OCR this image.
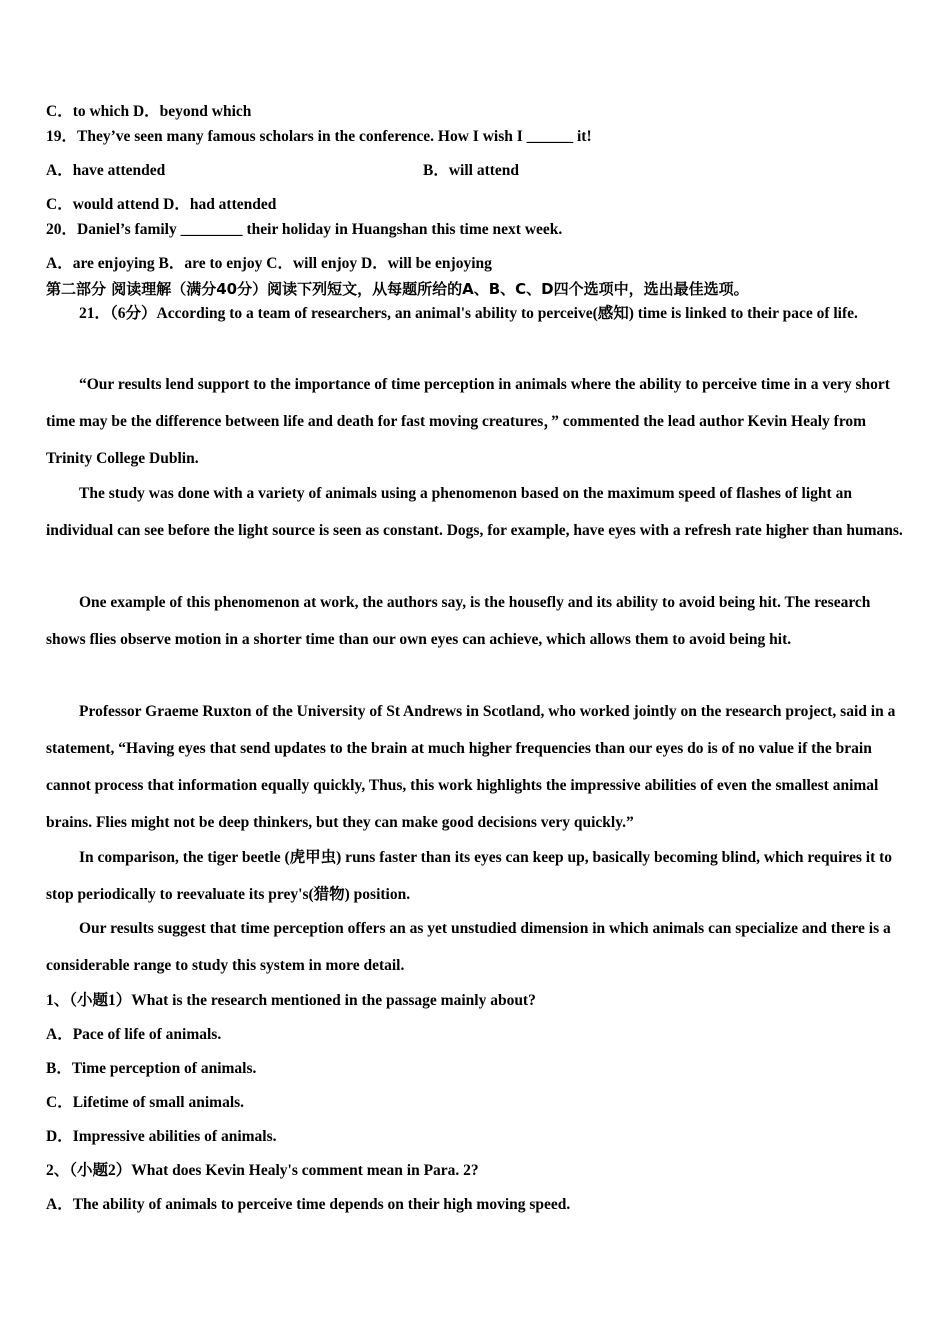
C．to which D．beyond which
19．They’ve seen many famous scholars in the conference. How I wish I ______ it!
A．have attended	B．will attend
C．would attend D．had attended
20．Daniel’s family ________ their holiday in Huangshan this time next week.
A．are enjoying B．are to enjoy C．will enjoy D．will be enjoying
第二部分 阅读理解（满分40分）阅读下列短文，从每题所给的A、B、C、D四个选项中，选出最佳选项。
21．（6分）According to a team of researchers, an animal's ability to perceive(感知) time is linked to their pace of life.
“Our results lend support to the importance of time perception in animals where the ability to perceive time in a very short time may be the difference between life and death for fast moving creatures，” commented the lead author Kevin Healy from Trinity College Dublin.
The study was done with a variety of animals using a phenomenon based on the maximum speed of flashes of light an individual can see before the light source is seen as constant. Dogs, for example, have eyes with a refresh rate higher than humans.
One example of this phenomenon at work, the authors say, is the housefly and its ability to avoid being hit. The research shows flies observe motion in a shorter time than our own eyes can achieve, which allows them to avoid being hit.
Professor Graeme Ruxton of the University of St Andrews in Scotland, who worked jointly on the research project, said in a statement, “Having eyes that send updates to the brain at much higher frequencies than our eyes do is of no value if the brain cannot process that information equally quickly, Thus, this work highlights the impressive abilities of even the smallest animal brains. Flies might not be deep thinkers, but they can make good decisions very quickly.”
In comparison, the tiger beetle (虎甲虫) runs faster than its eyes can keep up, basically becoming blind, which requires it to stop periodically to reevaluate its prey's(猎物) position.
Our results suggest that time perception offers an as yet unstudied dimension in which animals can specialize and there is a considerable range to study this system in more detail.
1、（小题1）What is the research mentioned in the passage mainly about?
A．Pace of life of animals.
B．Time perception of animals.
C．Lifetime of small animals.
D．Impressive abilities of animals.
2、（小题2）What does Kevin Healy's comment mean in Para. 2?
A．The ability of animals to perceive time depends on their high moving speed.
